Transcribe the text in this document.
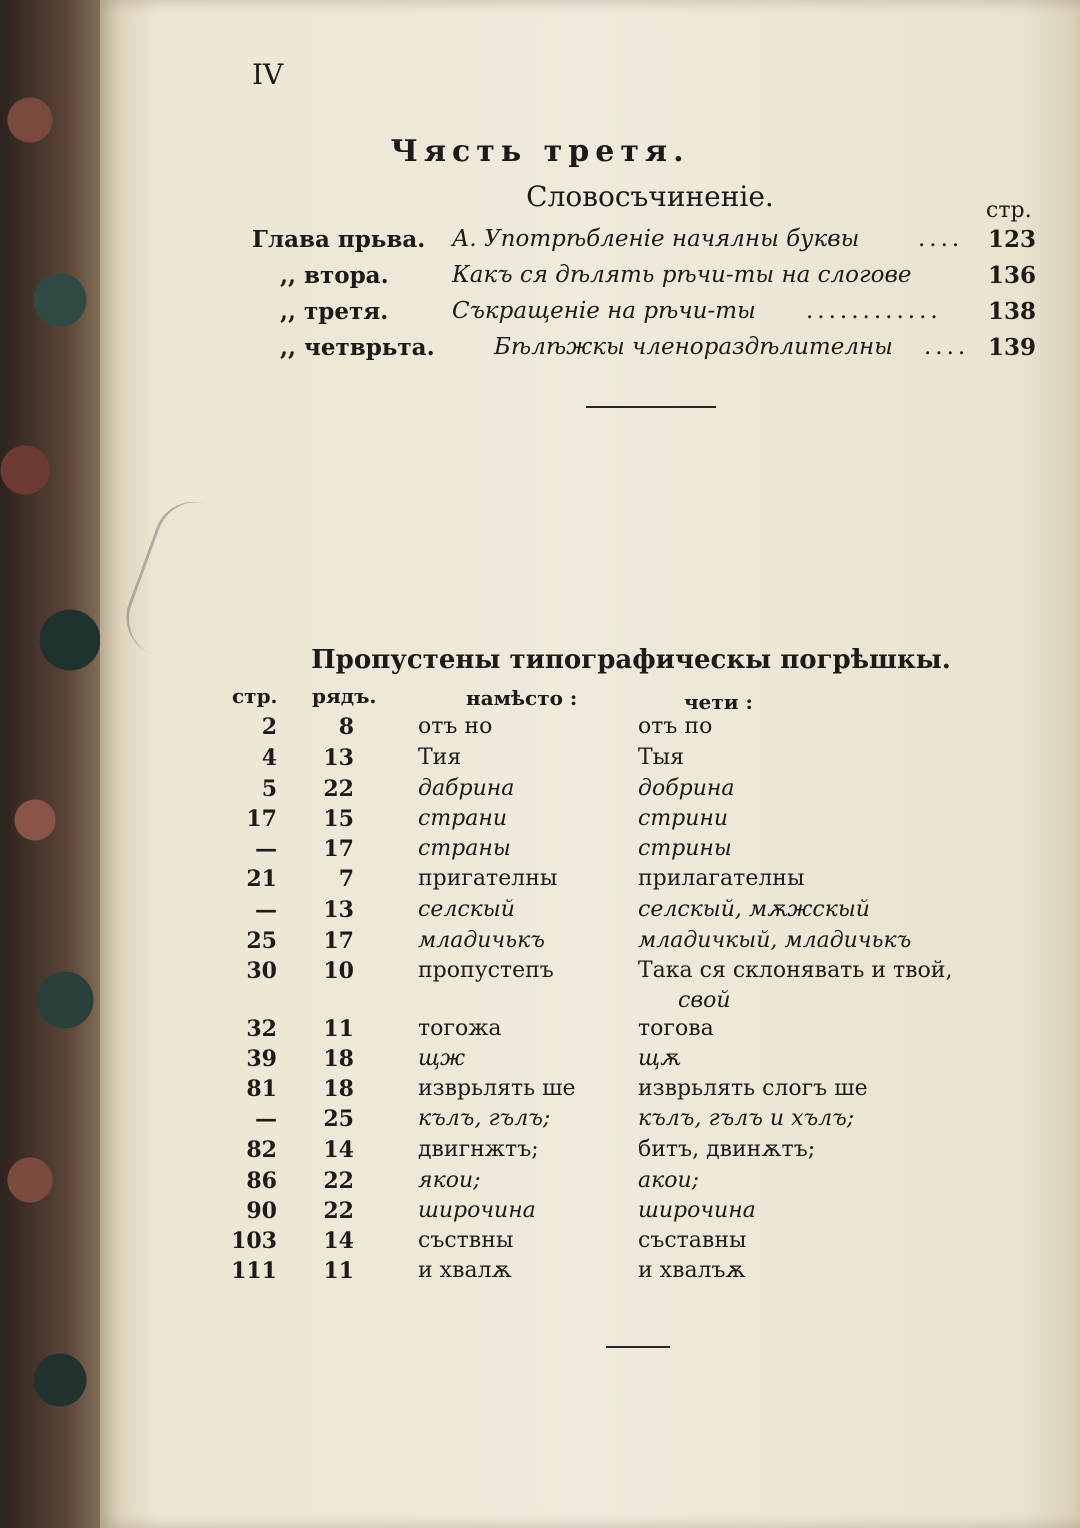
IV
Чясть третя.
Словосъчиненіе.	стр.
Глава прьва. А. Употрѣбленіе начялны буквы	.... 123
,, втора.	Какъ ся дѣлять рѣчи-ты на слогове	136
,, третя.	Съкращеніе на рѣчи-ты ............ 138
,, четврьта.	Бѣлѣжкы членораздѣлителны .... 139
Пропустены типографическы погрѣшкы.
стр. рядъ.	намѣсто :	чети :
2	8	отъ но	отъ по
4	13	Тия	Тыя
5	22	дабрина	добрина
17	15	страни	стрини
—	17	страны	стрины
21	7	пригателны	прилагателны
—	13	селскый	селскый, мѫжскый
25	17	младичькъ	младичкый, младичькъ
30	10	пропустепъ	Така ся склонявать и твой,
свой
32	11	тогожа	тогова
39	18	щж	щѫ
81	18	изврьлять ше	изврьлять слогъ ше
—	25	кълъ, гълъ;	кълъ, гълъ и хълъ;
82	14	двигнжтъ;	битъ, двинѫтъ;
86	22	якои;	акои;
90	22	широчина	широчина
103	14	съствны	съставны
111	11	и хвалѫ	и хвалъѫ
